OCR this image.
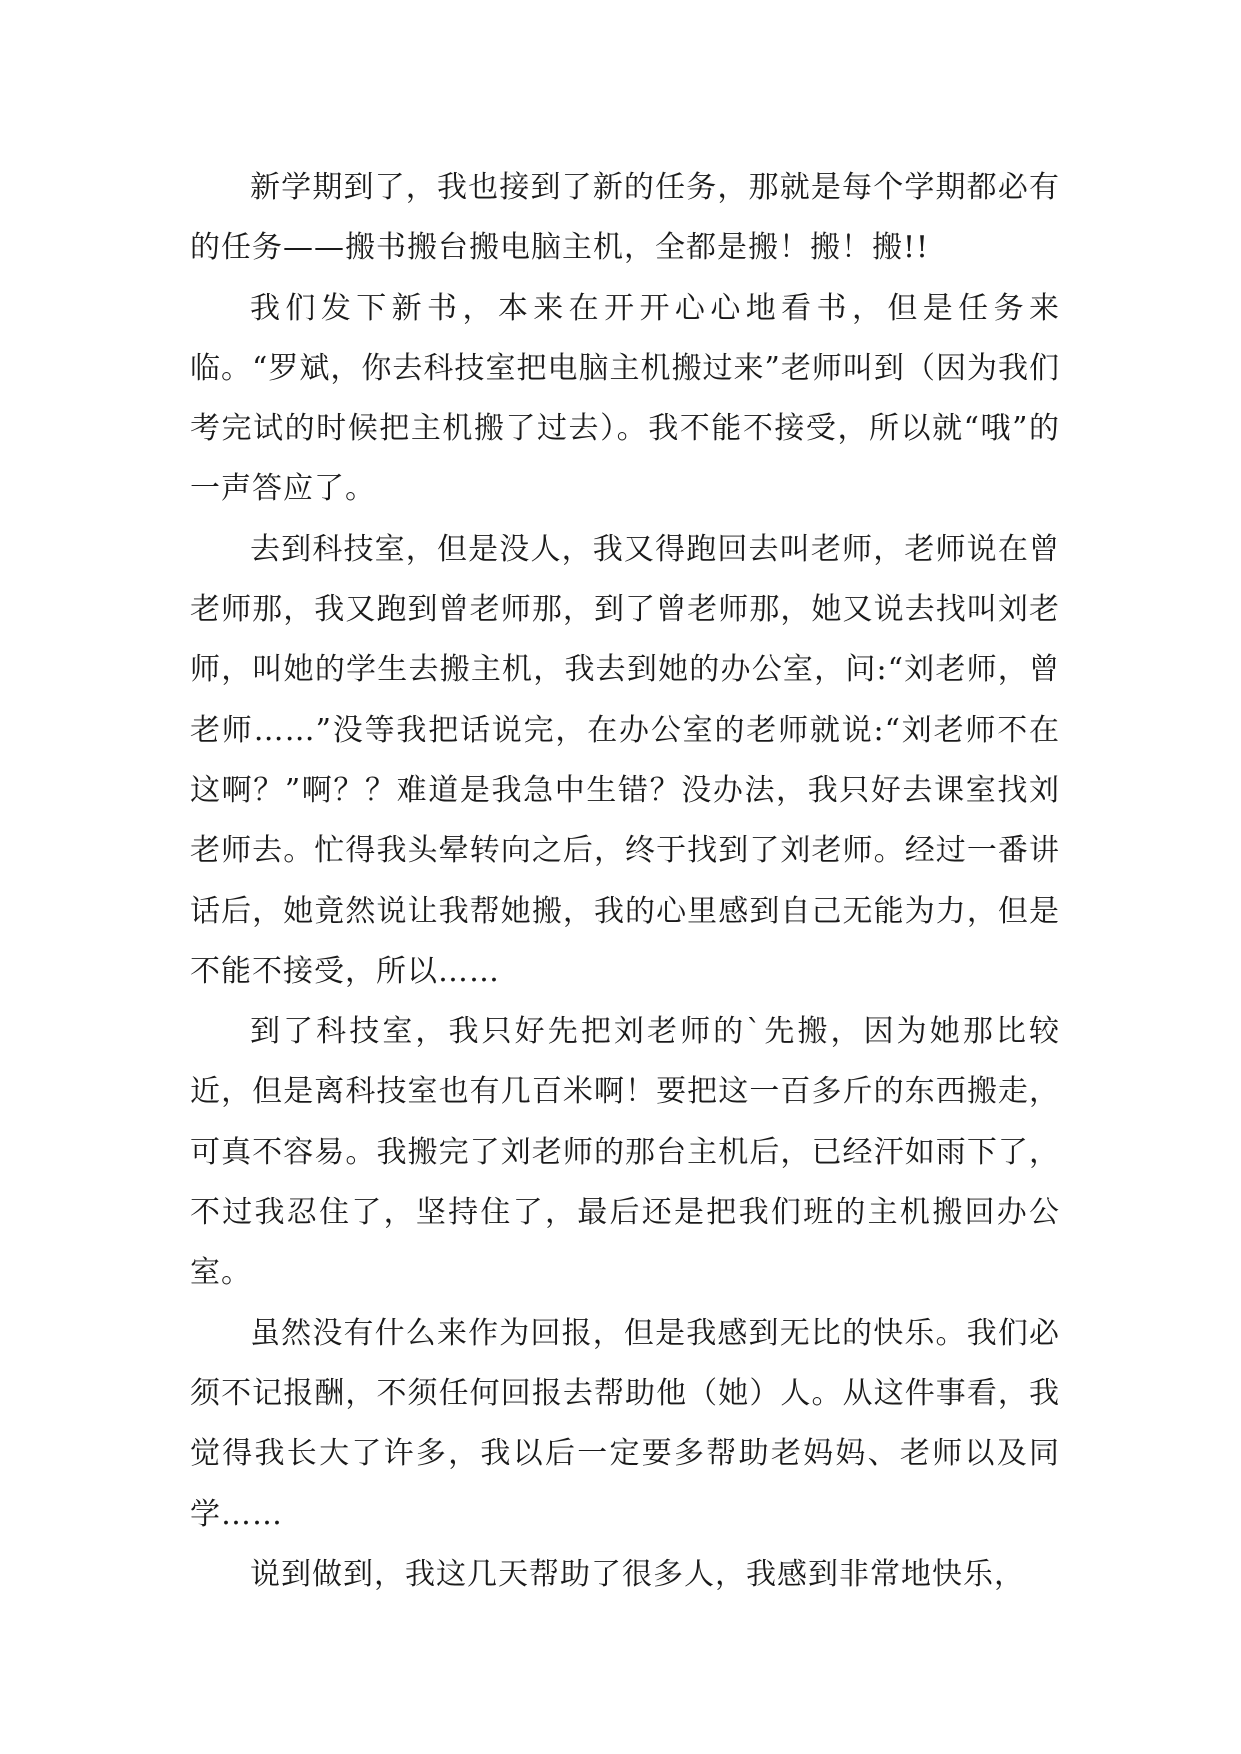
新学期到了，我也接到了新的任务，那就是每个学期都必有的任务——搬书搬台搬电脑主机，全都是搬！搬！搬!!

我们发下新书，本来在开开心心地看书，但是任务来临。“罗斌，你去科技室把电脑主机搬过来”老师叫到（因为我们考完试的时候把主机搬了过去）。我不能不接受，所以就“哦”的一声答应了。

去到科技室，但是没人，我又得跑回去叫老师，老师说在曾老师那，我又跑到曾老师那，到了曾老师那，她又说去找叫刘老师，叫她的学生去搬主机，我去到她的办公室，问:“刘老师，曾老师……”没等我把话说完，在办公室的老师就说:“刘老师不在这啊？”啊？？难道是我急中生错？没办法，我只好去课室找刘老师去。忙得我头晕转向之后，终于找到了刘老师。经过一番讲话后，她竟然说让我帮她搬，我的心里感到自己无能为力，但是不能不接受，所以……

到了科技室，我只好先把刘老师的`先搬，因为她那比较近，但是离科技室也有几百米啊！要把这一百多斤的东西搬走，可真不容易。我搬完了刘老师的那台主机后，已经汗如雨下了，不过我忍住了，坚持住了，最后还是把我们班的主机搬回办公室。

虽然没有什么来作为回报，但是我感到无比的快乐。我们必须不记报酬，不须任何回报去帮助他（她）人。从这件事看，我觉得我长大了许多，我以后一定要多帮助老妈妈、老师以及同学……

说到做到，我这几天帮助了很多人，我感到非常地快乐，
